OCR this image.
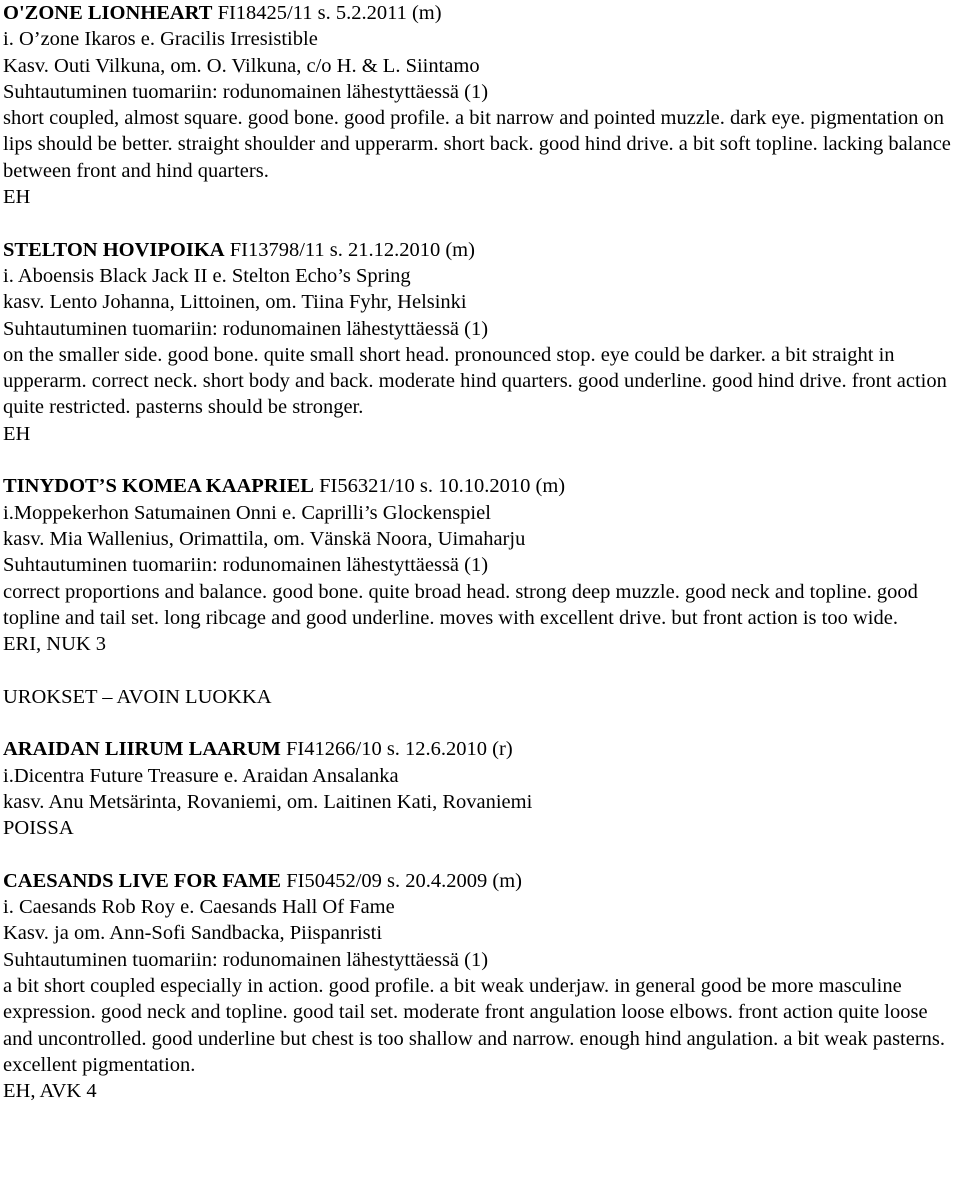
O'ZONE LIONHEART FI18425/11 s. 5.2.2011 (m)
i. O’zone Ikaros e. Gracilis Irresistible
Kasv. Outi Vilkuna, om. O. Vilkuna, c/o H. & L. Siintamo
Suhtautuminen tuomariin: rodunomainen lähestyttäessä (1)
short coupled, almost square. good bone. good profile. a bit narrow and pointed muzzle. dark eye. pigmentation on lips should be better. straight shoulder and upperarm. short back. good hind drive. a bit soft topline. lacking balance between front and hind quarters.
EH
STELTON HOVIPOIKA FI13798/11 s. 21.12.2010 (m)
i. Aboensis Black Jack II e. Stelton Echo’s Spring
kasv. Lento Johanna, Littoinen, om. Tiina Fyhr, Helsinki
Suhtautuminen tuomariin: rodunomainen lähestyttäessä (1)
on the smaller side. good bone. quite small short head. pronounced stop. eye could be darker. a bit straight in upperarm. correct neck. short body and back. moderate hind quarters. good underline. good hind drive. front action quite restricted. pasterns should be stronger.
EH
TINYDOT’S KOMEA KAAPRIEL FI56321/10 s. 10.10.2010 (m)
i.Moppekerhon Satumainen Onni e. Caprilli’s Glockenspiel
kasv. Mia Wallenius, Orimattila, om. Vänskä Noora, Uimaharju
Suhtautuminen tuomariin: rodunomainen lähestyttäessä (1)
correct proportions and balance. good bone. quite broad head. strong deep muzzle. good neck and topline. good topline and tail set. long ribcage and good underline. moves with excellent drive. but front action is too wide.
ERI, NUK 3
UROKSET – AVOIN LUOKKA
ARAIDAN LIIRUM LAARUM FI41266/10 s. 12.6.2010 (r)
i.Dicentra Future Treasure e. Araidan Ansalanka
kasv. Anu Metsärinta, Rovaniemi, om. Laitinen Kati, Rovaniemi
POISSA
CAESANDS LIVE FOR FAME FI50452/09 s. 20.4.2009 (m)
i. Caesands Rob Roy e. Caesands Hall Of Fame
Kasv. ja om. Ann-Sofi Sandbacka, Piispanristi
Suhtautuminen tuomariin: rodunomainen lähestyttäessä (1)
a bit short coupled especially in action. good profile. a bit weak underjaw. in general good be more masculine expression. good neck and topline. good tail set. moderate front angulation loose elbows. front action quite loose and uncontrolled. good underline but chest is too shallow and narrow. enough hind angulation. a bit weak pasterns. excellent pigmentation.
EH, AVK 4
